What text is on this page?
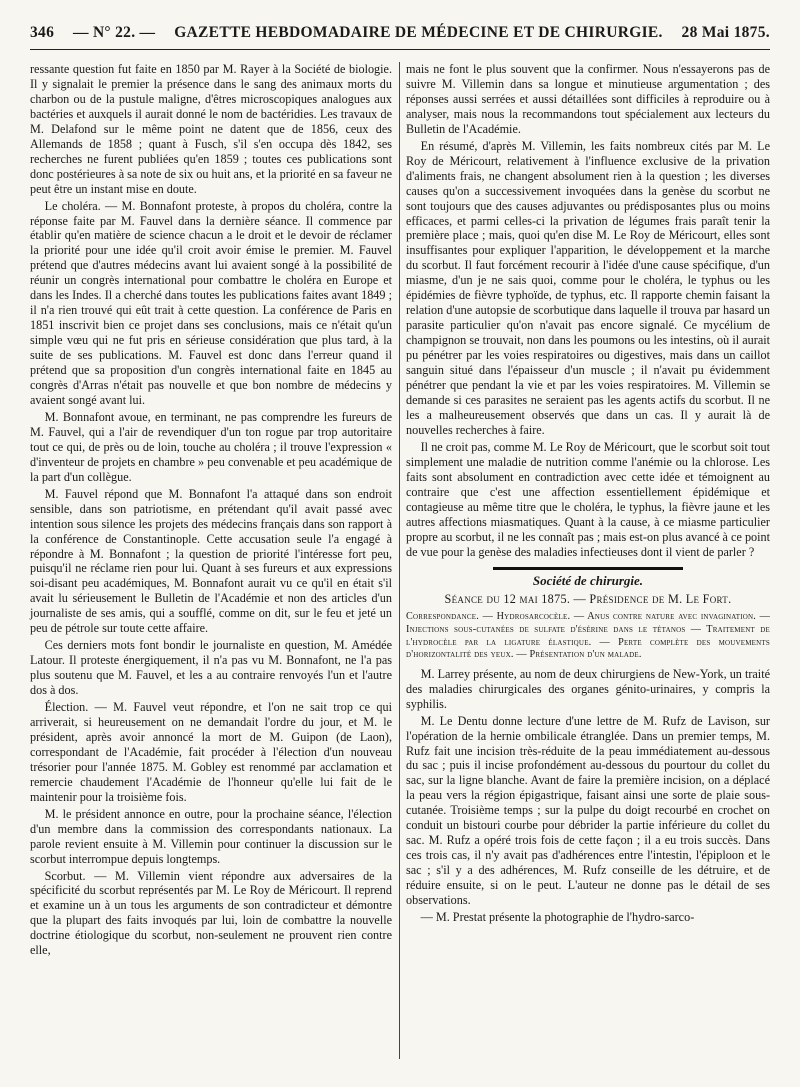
346 — N° 22. — GAZETTE HEBDOMADAIRE DE MÉDECINE ET DE CHIRURGIE. 28 Mai 1875.

ressante question fut faite en 1850 par M. Rayer à la Société de biologie. Il y signalait le premier la présence dans le sang des animaux morts du charbon ou de la pustule maligne, d'êtres microscopiques analogues aux bactéries et auxquels il aurait donné le nom de bactéridies. Les travaux de M. Delafond sur le même point ne datent que de 1856, ceux des Allemands de 1858 ; quant à Fusch, s'il s'en occupa dès 1842, ses recherches ne furent publiées qu'en 1859 ; toutes ces publications sont donc postérieures à sa note de six ou huit ans, et la priorité en sa faveur ne peut être un instant mise en doute.

Le choléra. — M. Bonnafont proteste, à propos du choléra, contre la réponse faite par M. Fauvel dans la dernière séance. Il commence par établir qu'en matière de science chacun a le droit et le devoir de réclamer la priorité pour une idée qu'il croit avoir émise le premier. M. Fauvel prétend que d'autres médecins avant lui avaient songé à la possibilité de réunir un congrès international pour combattre le choléra en Europe et dans les Indes. Il a cherché dans toutes les publications faites avant 1849 ; il n'a rien trouvé qui eût trait à cette question. La conférence de Paris en 1851 inscrivit bien ce projet dans ses conclusions, mais ce n'était qu'un simple vœu qui ne fut pris en sérieuse considération que plus tard, à la suite de ses publications. M. Fauvel est donc dans l'erreur quand il prétend que sa proposition d'un congrès international faite en 1845 au congrès d'Arras n'était pas nouvelle et que bon nombre de médecins y avaient songé avant lui.

M. Bonnafont avoue, en terminant, ne pas comprendre les fureurs de M. Fauvel, qui a l'air de revendiquer d'un ton rogue par trop autoritaire tout ce qui, de près ou de loin, touche au choléra ; il trouve l'expression « d'inventeur de projets en chambre » peu convenable et peu académique de la part d'un collègue.

M. Fauvel répond que M. Bonnafont l'a attaqué dans son endroit sensible, dans son patriotisme, en prétendant qu'il avait passé avec intention sous silence les projets des médecins français dans son rapport à la conférence de Constantinople. Cette accusation seule l'a engagé à répondre à M. Bonnafont ; la question de priorité l'intéresse fort peu, puisqu'il ne réclame rien pour lui. Quant à ses fureurs et aux expressions soi-disant peu académiques, M. Bonnafont aurait vu ce qu'il en était s'il avait lu sérieusement le Bulletin de l'Académie et non des articles d'un journaliste de ses amis, qui a soufflé, comme on dit, sur le feu et jeté un peu de pétrole sur toute cette affaire.

Ces derniers mots font bondir le journaliste en question, M. Amédée Latour. Il proteste énergiquement, il n'a pas vu M. Bonnafont, ne l'a pas plus soutenu que M. Fauvel, et les a au contraire renvoyés l'un et l'autre dos à dos.

Élection. — M. Fauvel veut répondre, et l'on ne sait trop ce qui arriverait, si heureusement on ne demandait l'ordre du jour, et M. le président, après avoir annoncé la mort de M. Guipon (de Laon), correspondant de l'Académie, fait procéder à l'élection d'un nouveau trésorier pour l'année 1875. M. Gobley est renommé par acclamation et remercie chaudement l'Académie de l'honneur qu'elle lui fait de le maintenir pour la troisième fois.

M. le président annonce en outre, pour la prochaine séance, l'élection d'un membre dans la commission des correspondants nationaux. La parole revient ensuite à M. Villemin pour continuer la discussion sur le scorbut interrompue depuis longtemps.

Scorbut. — M. Villemin vient répondre aux adversaires de la spécificité du scorbut représentés par M. Le Roy de Méricourt. Il reprend et examine un à un tous les arguments de son contradicteur et démontre que la plupart des faits invoqués par lui, loin de combattre la nouvelle doctrine étiologique du scorbut, non-seulement ne prouvent rien contre elle,

mais ne font le plus souvent que la confirmer. Nous n'essayerons pas de suivre M. Villemin dans sa longue et minutieuse argumentation ; des réponses aussi serrées et aussi détaillées sont difficiles à reproduire ou à analyser, mais nous la recommandons tout spécialement aux lecteurs du Bulletin de l'Académie.

En résumé, d'après M. Villemin, les faits nombreux cités par M. Le Roy de Méricourt, relativement à l'influence exclusive de la privation d'aliments frais, ne changent absolument rien à la question ; les diverses causes qu'on a successivement invoquées dans la genèse du scorbut ne sont toujours que des causes adjuvantes ou prédisposantes plus ou moins efficaces, et parmi celles-ci la privation de légumes frais paraît tenir la première place ; mais, quoi qu'en dise M. Le Roy de Méricourt, elles sont insuffisantes pour expliquer l'apparition, le développement et la marche du scorbut. Il faut forcément recourir à l'idée d'une cause spécifique, d'un miasme, d'un je ne sais quoi, comme pour le choléra, le typhus ou les épidémies de fièvre typhoïde, de typhus, etc. Il rapporte chemin faisant la relation d'une autopsie de scorbutique dans laquelle il trouva par hasard un parasite particulier qu'on n'avait pas encore signalé. Ce mycélium de champignon se trouvait, non dans les poumons ou les intestins, où il aurait pu pénétrer par les voies respiratoires ou digestives, mais dans un caillot sanguin situé dans l'épaisseur d'un muscle ; il n'avait pu évidemment pénétrer que pendant la vie et par les voies respiratoires. M. Villemin se demande si ces parasites ne seraient pas les agents actifs du scorbut. Il ne les a malheureusement observés que dans un cas. Il y aurait là de nouvelles recherches à faire.

Il ne croit pas, comme M. Le Roy de Méricourt, que le scorbut soit tout simplement une maladie de nutrition comme l'anémie ou la chlorose. Les faits sont absolument en contradiction avec cette idée et témoignent au contraire que c'est une affection essentiellement épidémique et contagieuse au même titre que le choléra, le typhus, la fièvre jaune et les autres affections miasmatiques. Quant à la cause, à ce miasme particulier propre au scorbut, il ne les connaît pas ; mais est-on plus avancé à ce point de vue pour la genèse des maladies infectieuses dont il vient de parler ?

Société de chirurgie.

Séance du 12 mai 1875. — Présidence de M. Le Fort.

Correspondance. — Hydrosarcocèle. — Anus contre nature avec invagination. — Injections sous-cutanées de sulfate d'ésérine dans le tétanos — Traitement de l'hydrocèle par la ligature élastique. — Perte complète des mouvements d'horizontalité des yeux. — Présentation d'un malade.

M. Larrey présente, au nom de deux chirurgiens de New-York, un traité des maladies chirurgicales des organes génito-urinaires, y compris la syphilis.

M. Le Dentu donne lecture d'une lettre de M. Rufz de Lavison, sur l'opération de la hernie ombilicale étranglée. Dans un premier temps, M. Rufz fait une incision très-réduite de la peau immédiatement au-dessous du sac ; puis il incise profondément au-dessous du pourtour du collet du sac, sur la ligne blanche. Avant de faire la première incision, on a déplacé la peau vers la région épigastrique, faisant ainsi une sorte de plaie sous-cutanée. Troisième temps ; sur la pulpe du doigt recourbé en crochet on conduit un bistouri courbe pour débrider la partie inférieure du collet du sac. M. Rufz a opéré trois fois de cette façon ; il a eu trois succès. Dans ces trois cas, il n'y avait pas d'adhérences entre l'intestin, l'épiploon et le sac ; s'il y a des adhérences, M. Rufz conseille de les détruire, et de réduire ensuite, si on le peut. L'auteur ne donne pas le détail de ses observations.

— M. Prestat présente la photographie de l'hydro-sarco-
